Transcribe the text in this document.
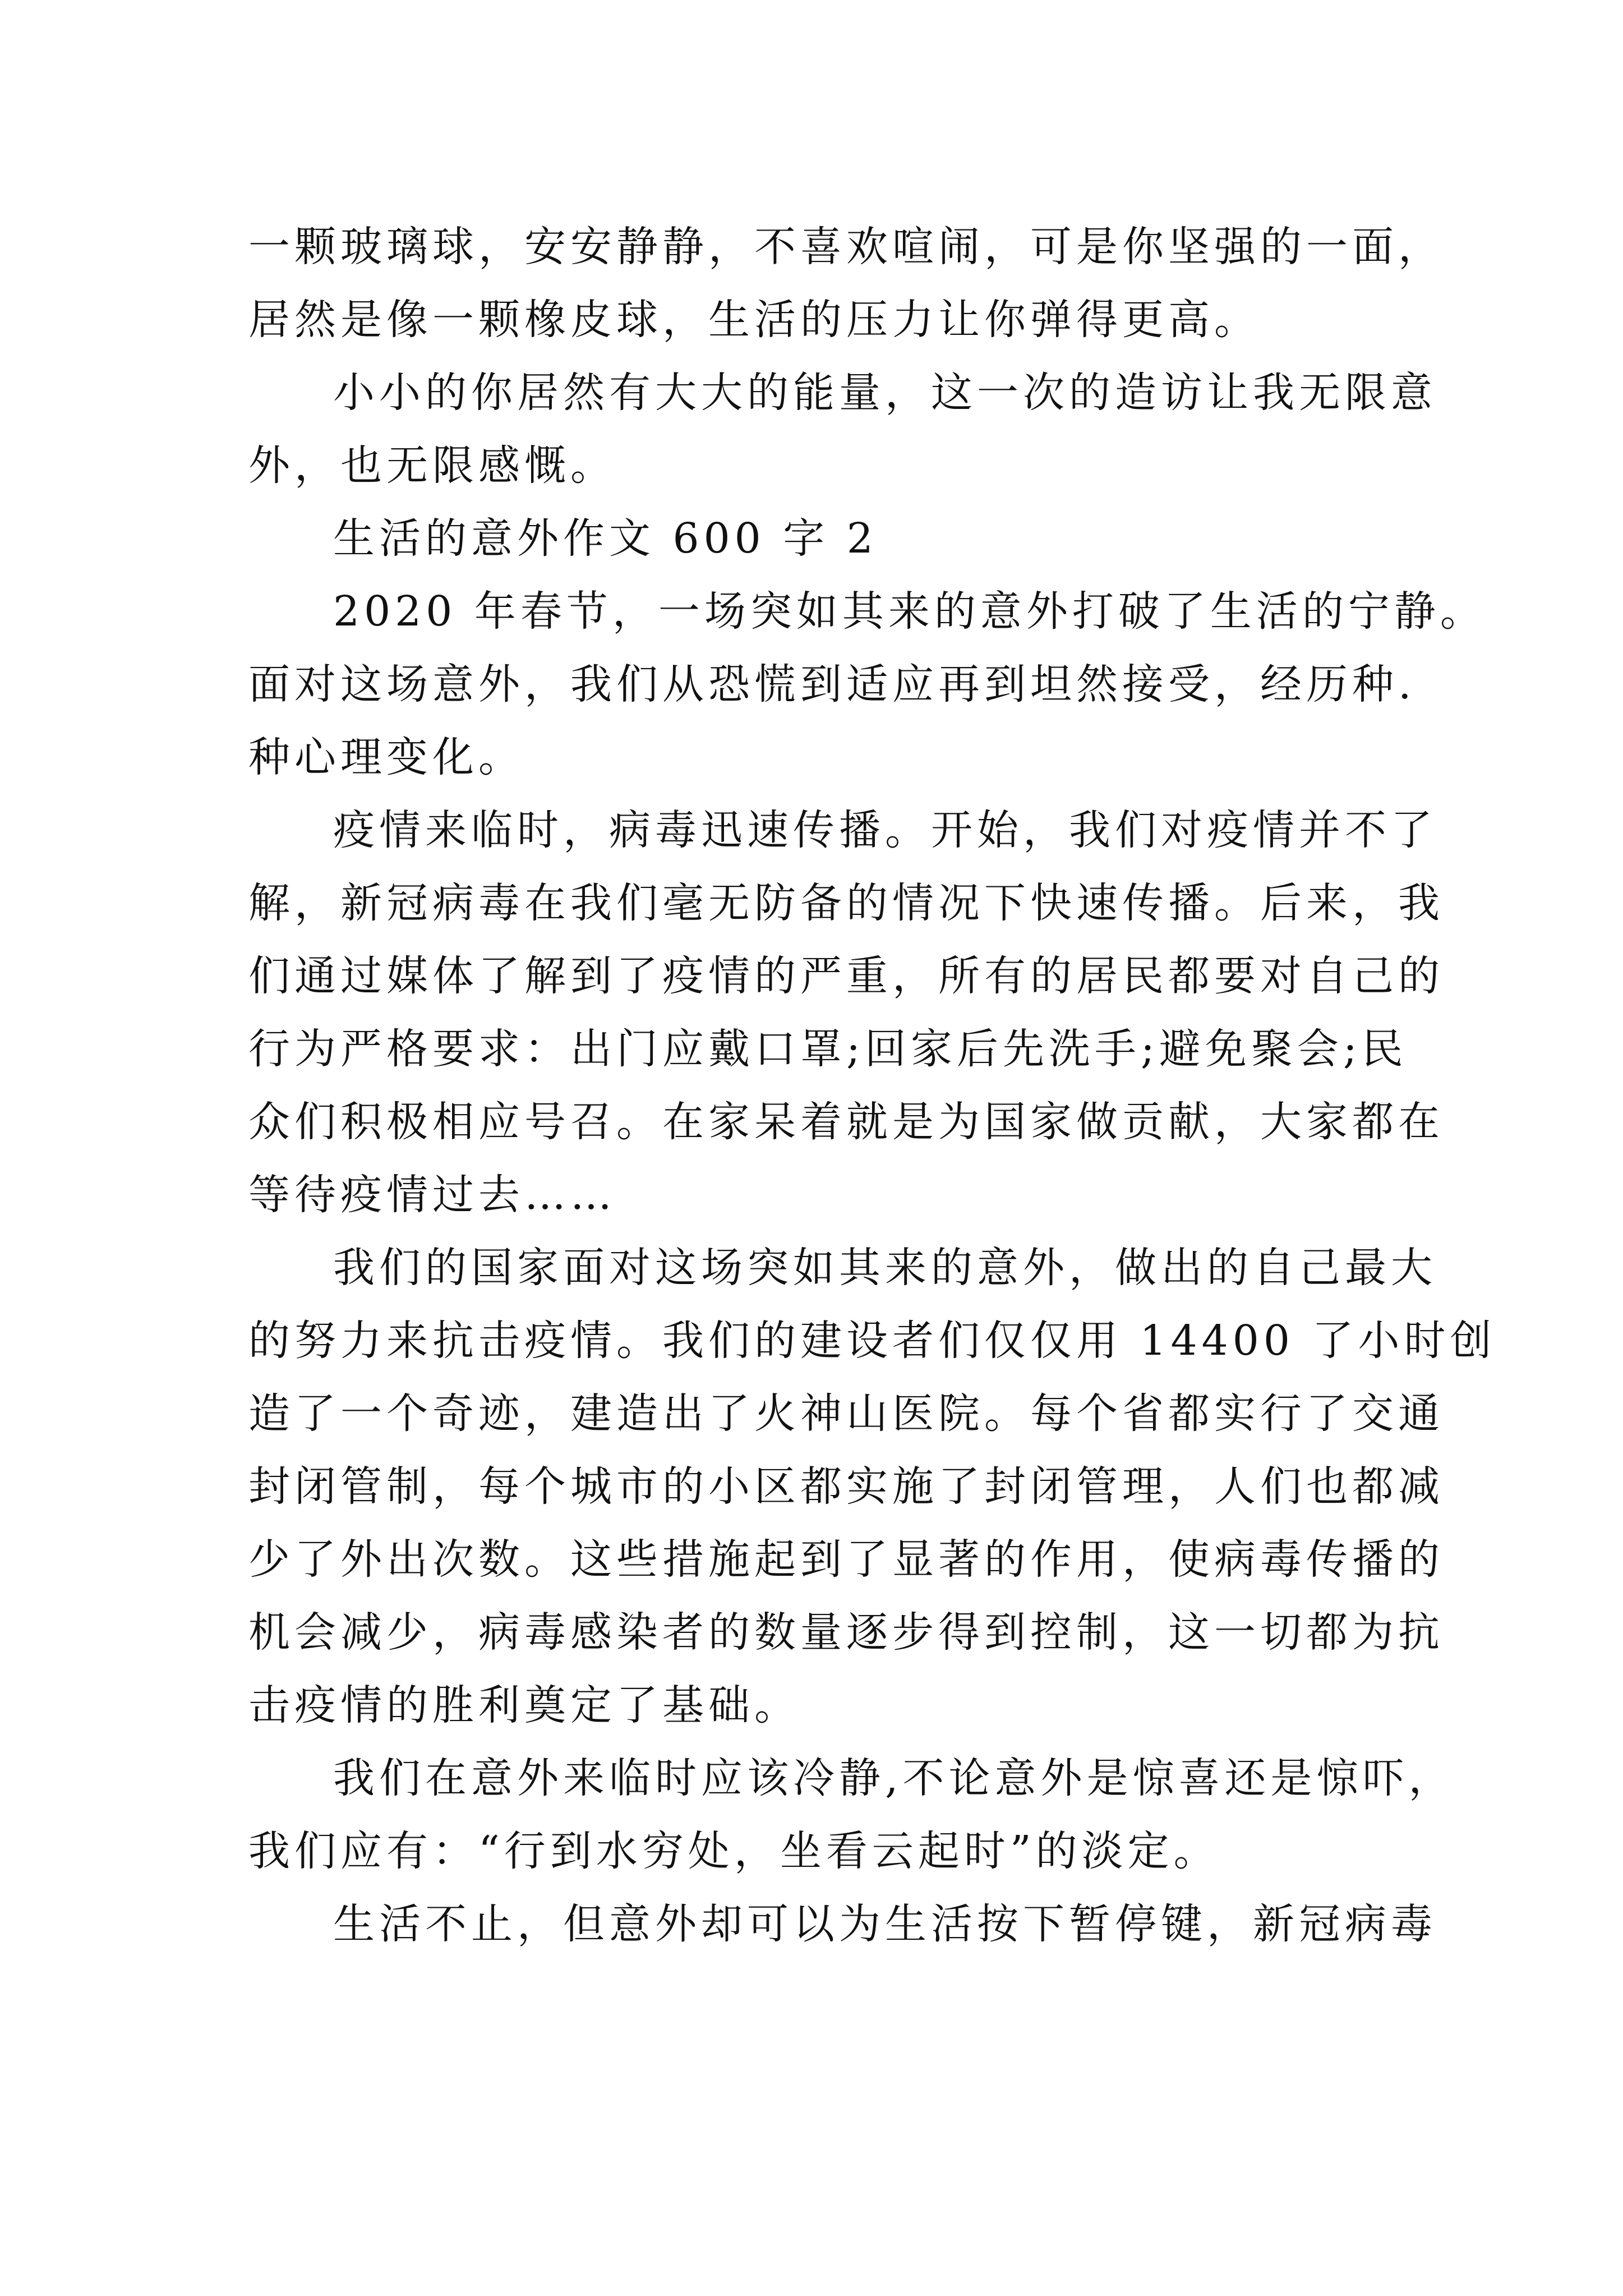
一颗玻璃球，安安静静，不喜欢喧闹，可是你坚强的一面，
居然是像一颗橡皮球，生活的压力让你弹得更高。
小小的你居然有大大的能量，这一次的造访让我无限意
外，也无限感慨。
生活的意外作文 600 字 2
2020 年春节，一场突如其来的意外打破了生活的宁静。
面对这场意外，我们从恐慌到适应再到坦然接受，经历种.
种心理变化。
疫情来临时，病毒迅速传播。开始，我们对疫情并不了
解，新冠病毒在我们毫无防备的情况下快速传播。后来，我
们通过媒体了解到了疫情的严重，所有的居民都要对自己的
行为严格要求：出门应戴口罩;回家后先洗手;避免聚会;民
众们积极相应号召。在家呆着就是为国家做贡献，大家都在
等待疫情过去……
我们的国家面对这场突如其来的意外，做出的自己最大
的努力来抗击疫情。我们的建设者们仅仅用 14400 了小时创
造了一个奇迹，建造出了火神山医院。每个省都实行了交通
封闭管制，每个城市的小区都实施了封闭管理，人们也都减
少了外出次数。这些措施起到了显著的作用，使病毒传播的
机会减少，病毒感染者的数量逐步得到控制，这一切都为抗
击疫情的胜利奠定了基础。
我们在意外来临时应该冷静,不论意外是惊喜还是惊吓，
我们应有：“行到水穷处，坐看云起时”的淡定。
生活不止，但意外却可以为生活按下暂停键，新冠病毒
